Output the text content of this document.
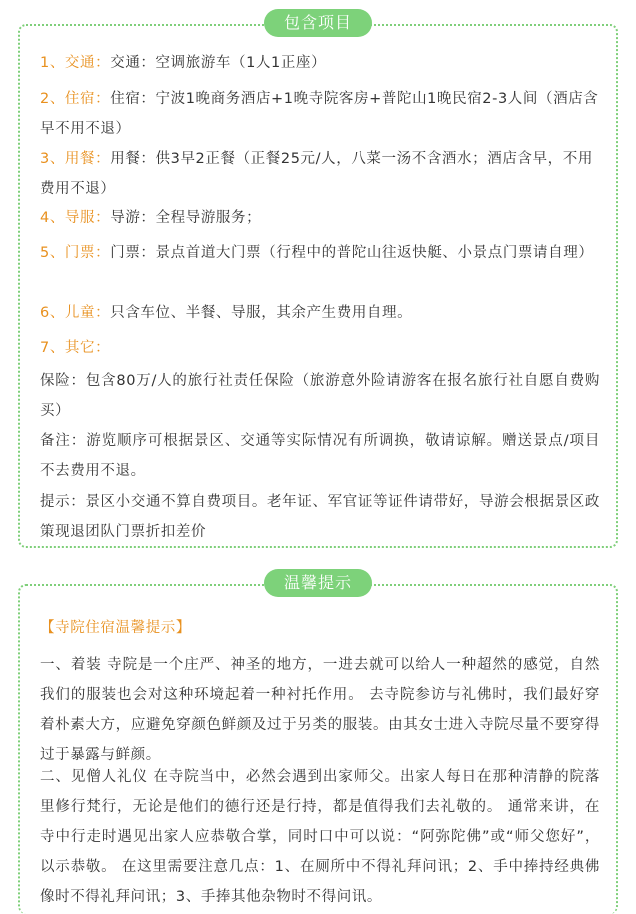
包含项目
1、交通：交通：空调旅游车（1人1正座）
2、住宿：住宿：宁波1晚商务酒店+1晚寺院客房+普陀山1晚民宿2-3人间（酒店含早不用不退）
3、用餐：用餐：供3早2正餐（正餐25元/人，八菜一汤不含酒水；酒店含早，不用费用不退）
4、导服：导游：全程导游服务；
5、门票：门票：景点首道大门票（行程中的普陀山往返快艇、小景点门票请自理）
6、儿童：只含车位、半餐、导服，其余产生费用自理。
7、其它：
保险：包含80万/人的旅行社责任保险（旅游意外险请游客在报名旅行社自愿自费购买）
备注：游览顺序可根据景区、交通等实际情况有所调换，敬请谅解。赠送景点/项目不去费用不退。
提示：景区小交通不算自费项目。老年证、军官证等证件请带好，导游会根据景区政策现退团队门票折扣差价
温馨提示
【寺院住宿温馨提示】
一、着装 寺院是一个庄严、神圣的地方，一进去就可以给人一种超然的感觉，自然我们的服装也会对这种环境起着一种衬托作用。 去寺院参访与礼佛时，我们最好穿着朴素大方，应避免穿颜色鲜颜及过于另类的服装。由其女士进入寺院尽量不要穿得过于暴露与鲜颜。
二、见僧人礼仪 在寺院当中，必然会遇到出家师父。出家人每日在那种清静的院落里修行梵行，无论是他们的德行还是行持，都是值得我们去礼敬的。 通常来讲，在寺中行走时遇见出家人应恭敬合掌，同时口中可以说：“阿弥陀佛”或“师父您好”，以示恭敬。 在这里需要注意几点：1、在厕所中不得礼拜问讯；2、手中捧持经典佛像时不得礼拜问讯；3、手捧其他杂物时不得问讯。
